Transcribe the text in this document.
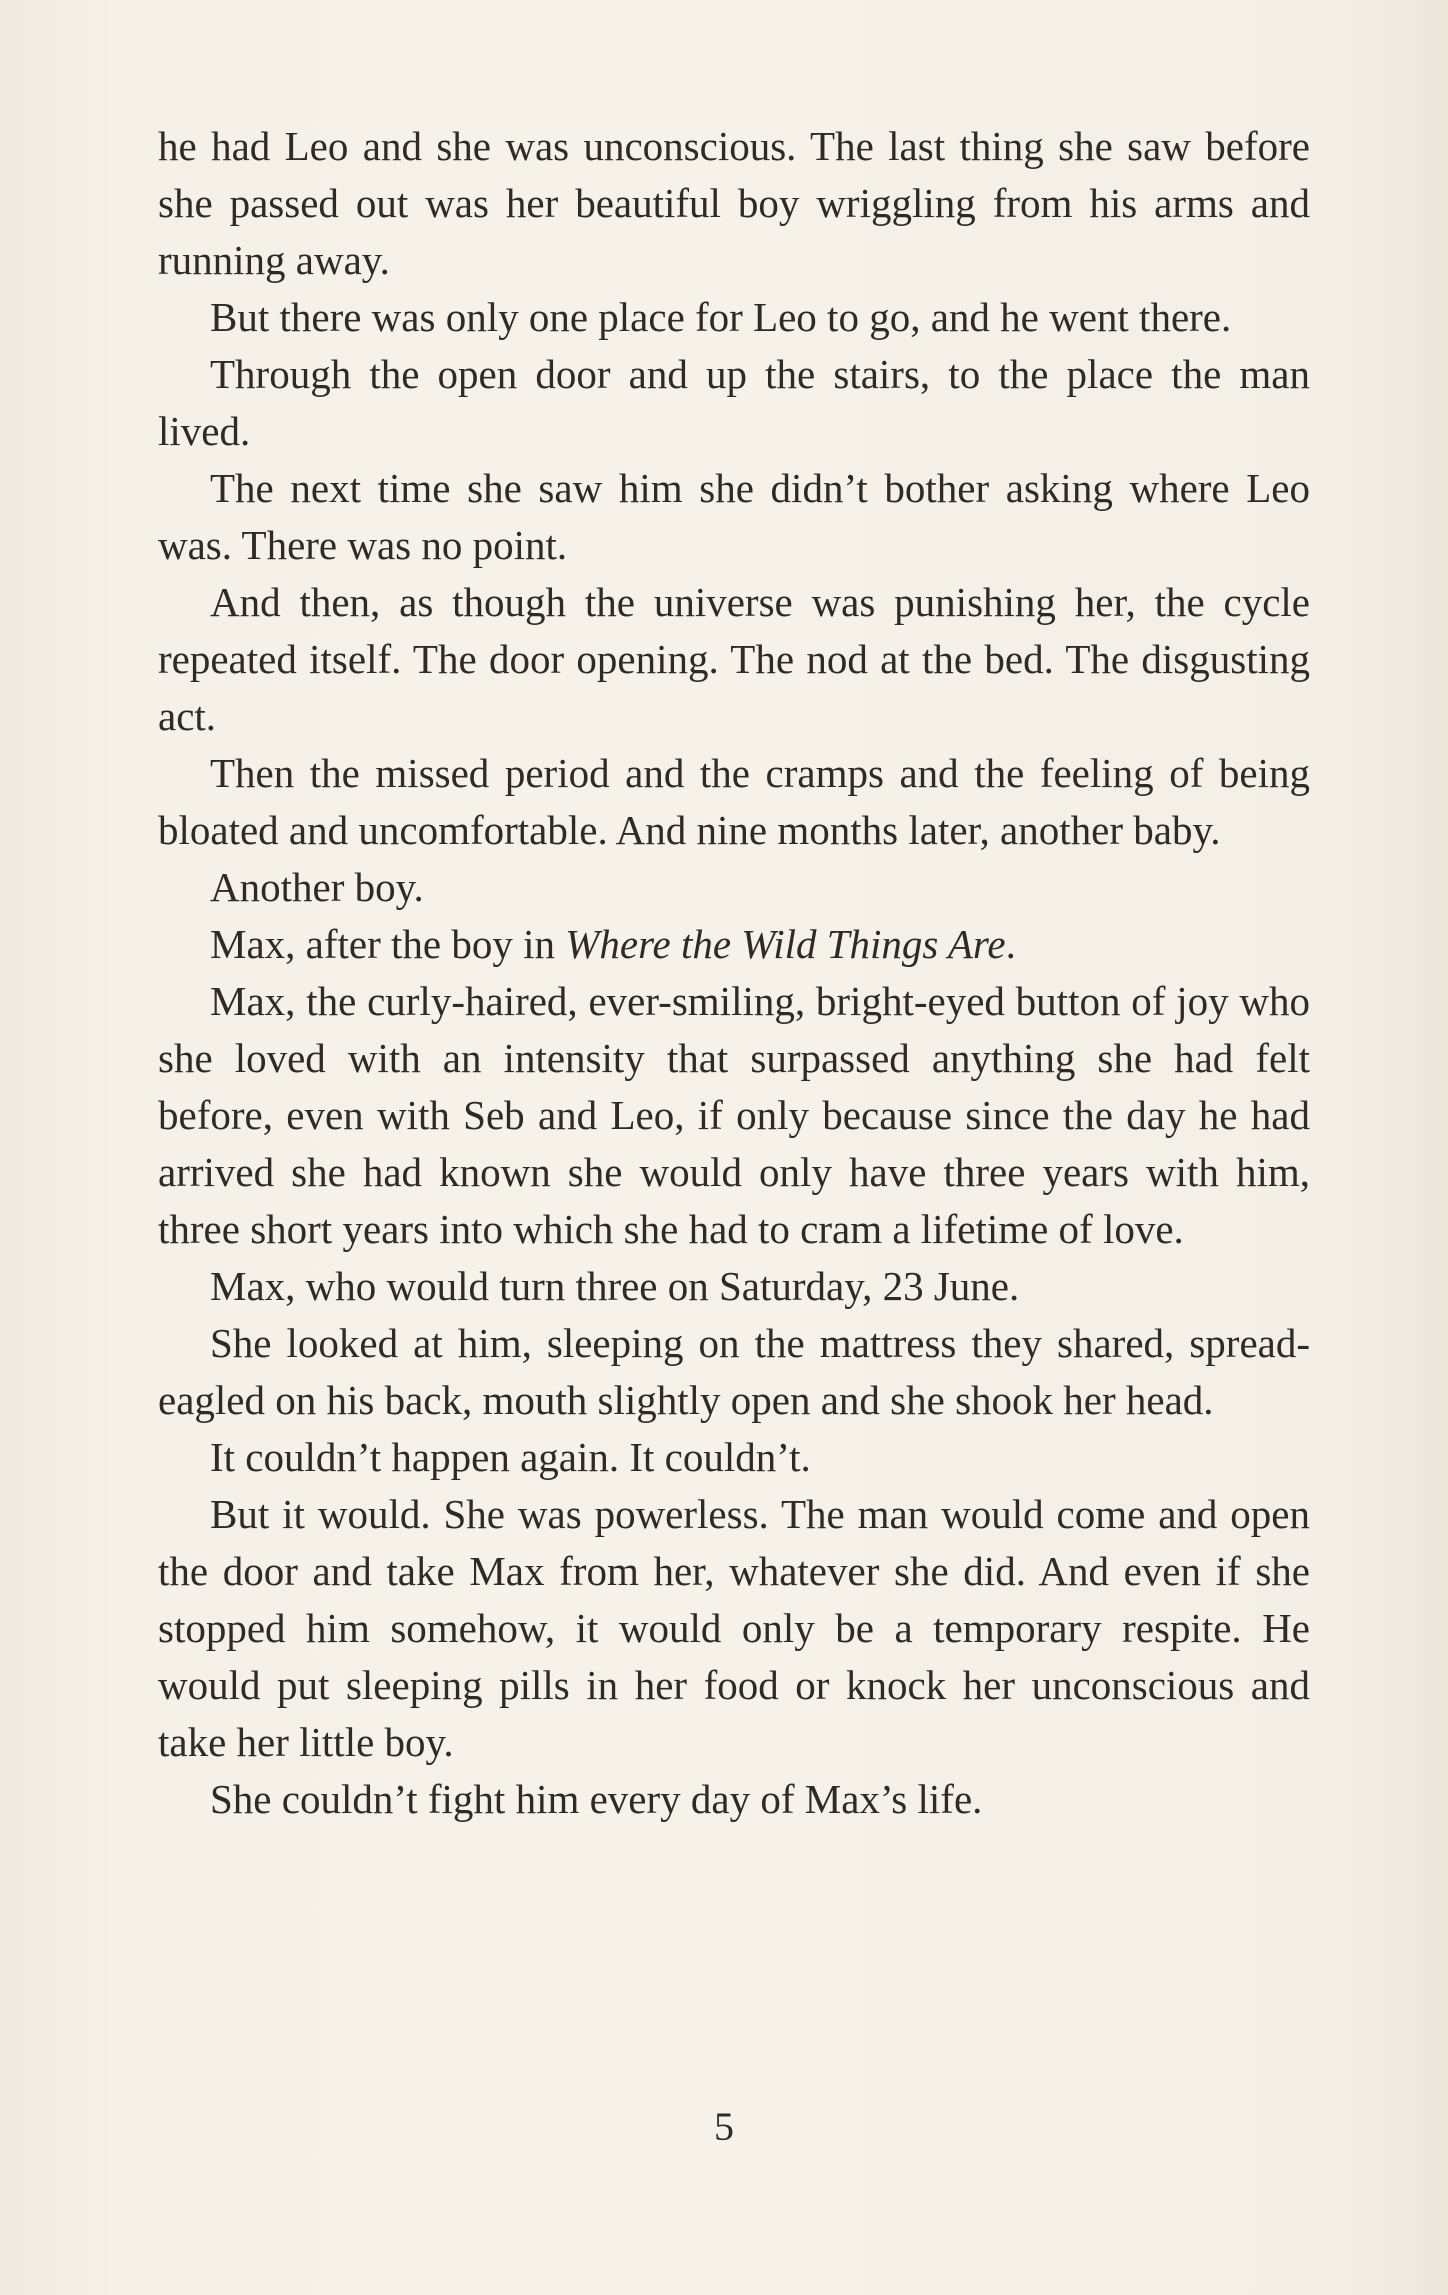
he had Leo and she was unconscious. The last thing she saw before she passed out was her beautiful boy wriggling from his arms and running away.

But there was only one place for Leo to go, and he went there.

Through the open door and up the stairs, to the place the man lived.

The next time she saw him she didn’t bother asking where Leo was. There was no point.

And then, as though the universe was punishing her, the cycle repeated itself. The door opening. The nod at the bed. The disgusting act.

Then the missed period and the cramps and the feeling of being bloated and uncomfortable. And nine months later, another baby.

Another boy.

Max, after the boy in Where the Wild Things Are.

Max, the curly-haired, ever-smiling, bright-eyed button of joy who she loved with an intensity that surpassed anything she had felt before, even with Seb and Leo, if only because since the day he had arrived she had known she would only have three years with him, three short years into which she had to cram a lifetime of love.

Max, who would turn three on Saturday, 23 June.

She looked at him, sleeping on the mattress they shared, spread-eagled on his back, mouth slightly open and she shook her head.

It couldn’t happen again. It couldn’t.

But it would. She was powerless. The man would come and open the door and take Max from her, whatever she did. And even if she stopped him somehow, it would only be a temporary respite. He would put sleeping pills in her food or knock her unconscious and take her little boy.

She couldn’t fight him every day of Max’s life.

5
